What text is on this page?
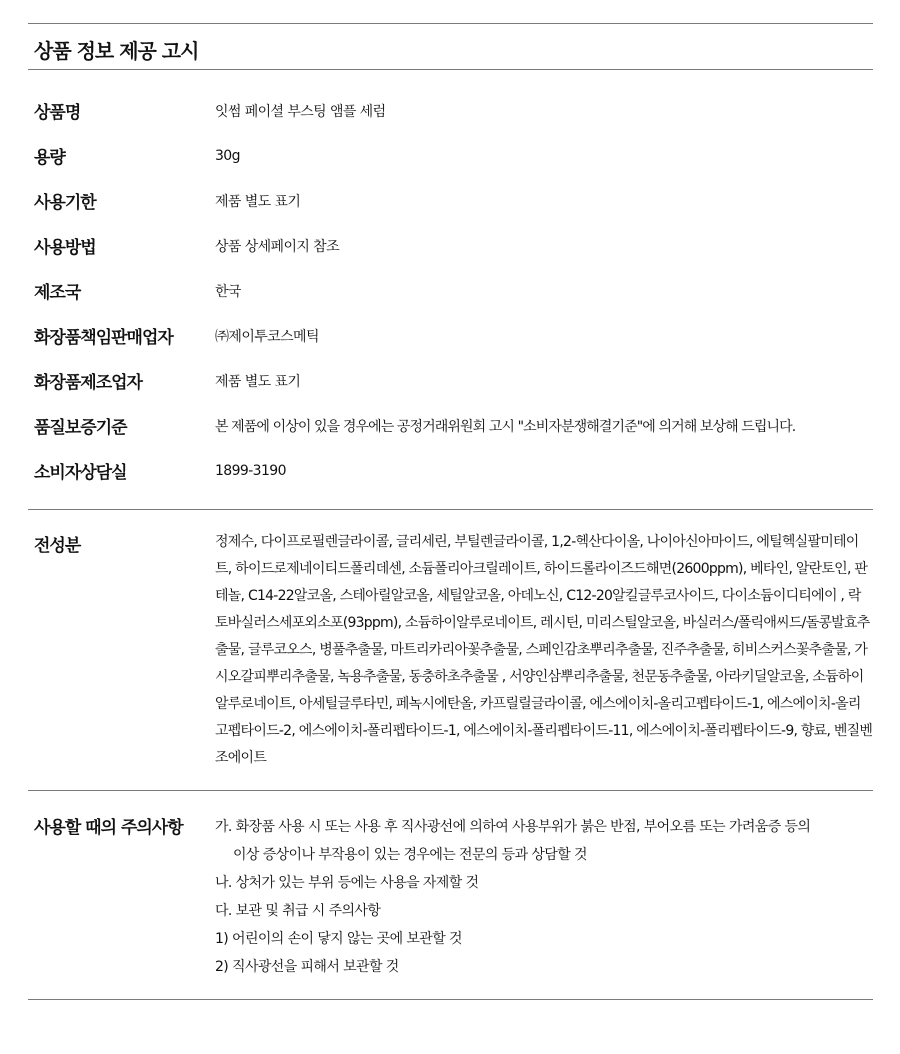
상품 정보 제공 고시
상품명	잇썸 페이셜 부스팅 앰플 세럼
용량	30g
사용기한	제품 별도 표기
사용방법	상품 상세페이지 참조
제조국	한국
화장품책임판매업자	㈜제이투코스메틱
화장품제조업자	제품 별도 표기
품질보증기준	본 제품에 이상이 있을 경우에는 공정거래위원회 고시 "소비자분쟁해결기준"에 의거해 보상해 드립니다.
소비자상담실	1899-3190
전성분	정제수, 다이프로필렌글라이콜, 글리세린, 부틸렌글라이콜, 1,2-헥산다이올, 나이아신아마이드, 에틸헥실팔미테이트, 하이드로제네이티드폴리데센, 소듐폴리아크릴레이트, 하이드롤라이즈드해면(2600ppm), 베타인, 알란토인, 판테놀, C14-22알코올, 스테아릴알코올, 세틸알코올, 아데노신, C12-20알킬글루코사이드, 다이소듐이디티에이 , 락토바실러스세포외소포(93ppm), 소듐하이알루로네이트, 레시틴, 미리스틸알코올, 바실러스/폴릭애씨드/돌콩발효추출물, 글루코오스, 병풀추출물, 마트리카리아꽃추출물, 스페인감초뿌리추출물, 진주추출물, 히비스커스꽃추출물, 가시오갈피뿌리추출물, 녹용추출물, 동충하초추출물 , 서양인삼뿌리추출물, 천문동추출물, 아라키딜알코올, 소듐하이알루로네이트, 아세틸글루타민, 페녹시에탄올, 카프릴릴글라이콜, 에스에이치-올리고펩타이드-1, 에스에이치-올리고펩타이드-2, 에스에이치-폴리펩타이드-1, 에스에이치-폴리펩타이드-11, 에스에이치-폴리펩타이드-9, 향료, 벤질벤조에이트
사용할 때의 주의사항	가. 화장품 사용 시 또는 사용 후 직사광선에 의하여 사용부위가 붉은 반점, 부어오름 또는 가려움증 등의
이상 증상이나 부작용이 있는 경우에는 전문의 등과 상담할 것
나. 상처가 있는 부위 등에는 사용을 자제할 것
다. 보관 및 취급 시 주의사항
1) 어린이의 손이 닿지 않는 곳에 보관할 것
2) 직사광선을 피해서 보관할 것
